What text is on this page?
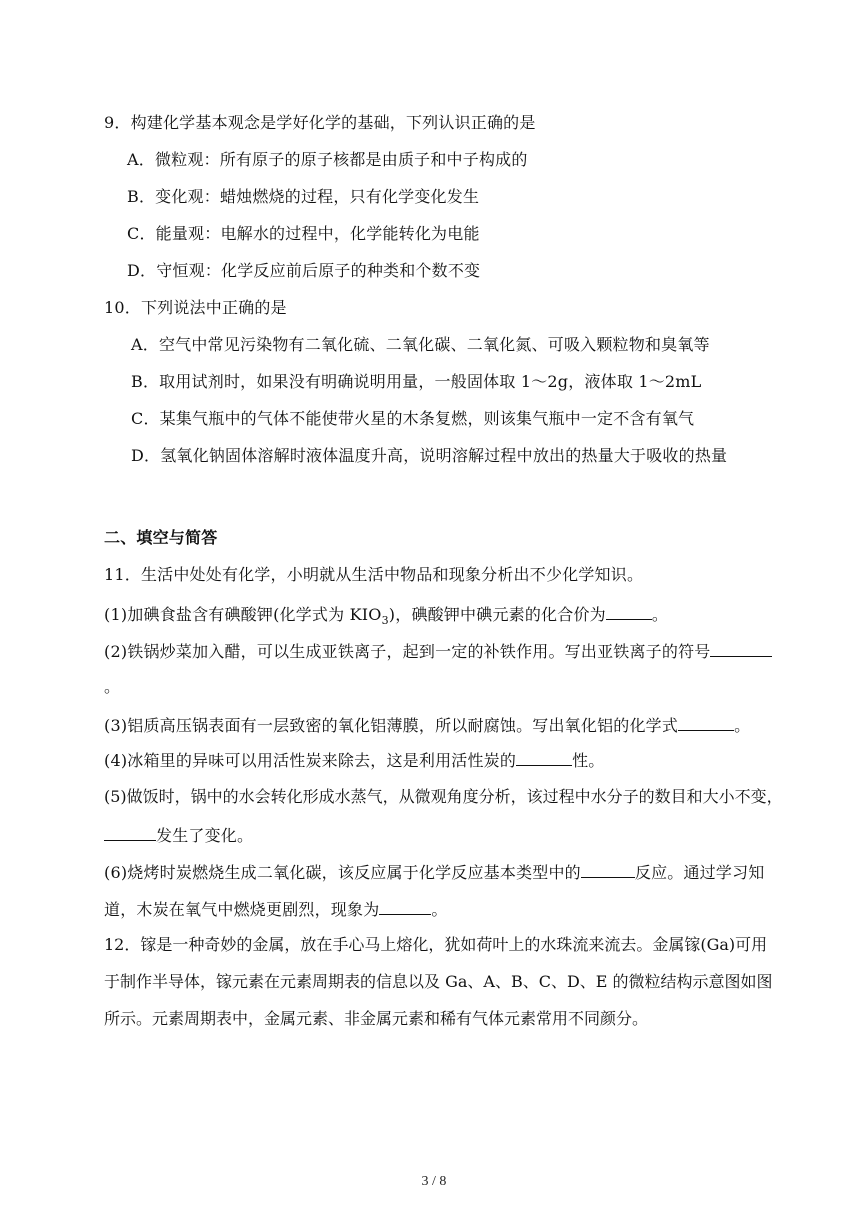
9．构建化学基本观念是学好化学的基础，下列认识正确的是
A．微粒观：所有原子的原子核都是由质子和中子构成的
B．变化观：蜡烛燃烧的过程，只有化学变化发生
C．能量观：电解水的过程中，化学能转化为电能
D．守恒观：化学反应前后原子的种类和个数不变
10．下列说法中正确的是
A．空气中常见污染物有二氧化硫、二氧化碳、二氧化氮、可吸入颗粒物和臭氧等
B．取用试剂时，如果没有明确说明用量，一般固体取 1～2g，液体取 1～2mL
C．某集气瓶中的气体不能使带火星的木条复燃，则该集气瓶中一定不含有氧气
D．氢氧化钠固体溶解时液体温度升高，说明溶解过程中放出的热量大于吸收的热量
二、填空与简答
11．生活中处处有化学，小明就从生活中物品和现象分析出不少化学知识。
(1)加碘食盐含有碘酸钾(化学式为 $KIO_3$)，碘酸钾中碘元素的化合价为	。
(2)铁锅炒菜加入醋，可以生成亚铁离子，起到一定的补铁作用。写出亚铁离子的符号
。
(3)铝质高压锅表面有一层致密的氧化铝薄膜，所以耐腐蚀。写出氧化铝的化学式	。
(4)冰箱里的异味可以用活性炭来除去，这是利用活性炭的	性。
(5)做饭时，锅中的水会转化形成水蒸气，从微观角度分析，该过程中水分子的数目和大小不变，
发生了变化。
(6)烧烤时炭燃烧生成二氧化碳，该反应属于化学反应基本类型中的	反应。通过学习知
道，木炭在氧气中燃烧更剧烈，现象为	。
12．镓是一种奇妙的金属，放在手心马上熔化，犹如荷叶上的水珠流来流去。金属镓(Ga)可用
于制作半导体，镓元素在元素周期表的信息以及 Ga、A、B、C、D、E 的微粒结构示意图如图
所示。元素周期表中，金属元素、非金属元素和稀有气体元素常用不同颜分。
3 / 8
